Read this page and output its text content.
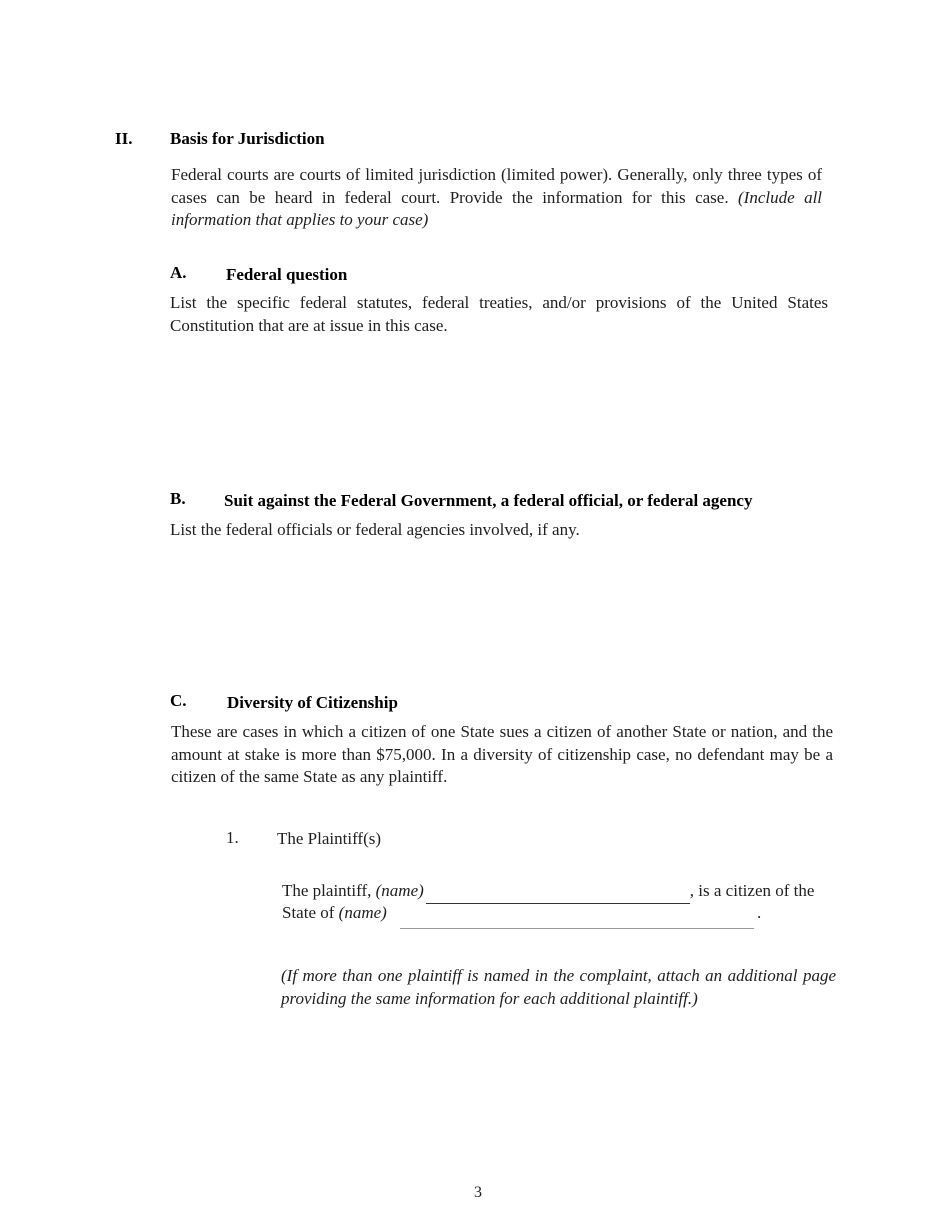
II. Basis for Jurisdiction
Federal courts are courts of limited jurisdiction (limited power). Generally, only three types of cases can be heard in federal court. Provide the information for this case. (Include all information that applies to your case)
A. Federal question
List the specific federal statutes, federal treaties, and/or provisions of the United States Constitution that are at issue in this case.
B. Suit against the Federal Government, a federal official, or federal agency
List the federal officials or federal agencies involved, if any.
C. Diversity of Citizenship
These are cases in which a citizen of one State sues a citizen of another State or nation, and the amount at stake is more than $75,000. In a diversity of citizenship case, no defendant may be a citizen of the same State as any plaintiff.
1. The Plaintiff(s)
The plaintiff, (name)	, is a citizen of the
State of (name)	.
(If more than one plaintiff is named in the complaint, attach an additional page providing the same information for each additional plaintiff.)
3
